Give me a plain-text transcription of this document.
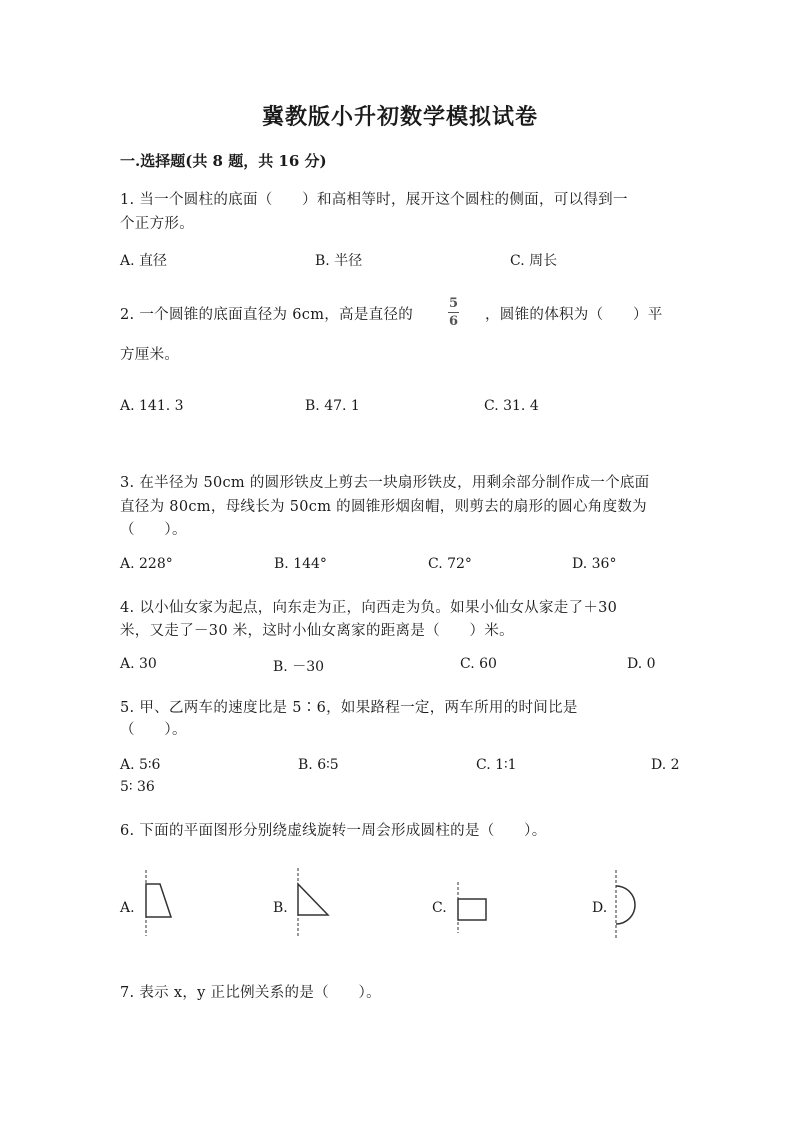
冀教版小升初数学模拟试卷
一.选择题(共 8 题，共 16 分)
1. 当一个圆柱的底面（　　）和高相等时，展开这个圆柱的侧面，可以得到一
个正方形。
A. 直径	B. 半径	C. 周长
2. 一个圆锥的底面直径为 6cm，高是直径的
5
6 ，圆锥的体积为（　　）平
方厘米。
A. 141. 3	B. 47. 1	C. 31. 4
3. 在半径为 50cm 的圆形铁皮上剪去一块扇形铁皮，用剩余部分制作成一个底面
直径为 80cm，母线长为 50cm 的圆锥形烟囱帽，则剪去的扇形的圆心角度数为
（　　）。
A. 228°	B. 144°	C. 72°	D. 36°
4. 以小仙女家为起点，向东走为正，向西走为负。如果小仙女从家走了＋30
米，又走了－30 米，这时小仙女离家的距离是（　　）米。
A. 30	B. －30	C. 60	D. 0
5. 甲、乙两车的速度比是 5∶6，如果路程一定，两车所用的时间比是
（　　）。
A. 5∶6	B. 6∶5	C. 1∶1	D. 2
5∶ 36
6. 下面的平面图形分别绕虚线旋转一周会形成圆柱的是（　　）。
A.	B.	C.	D.
7. 表示 x，y 正比例关系的是（　　）。
